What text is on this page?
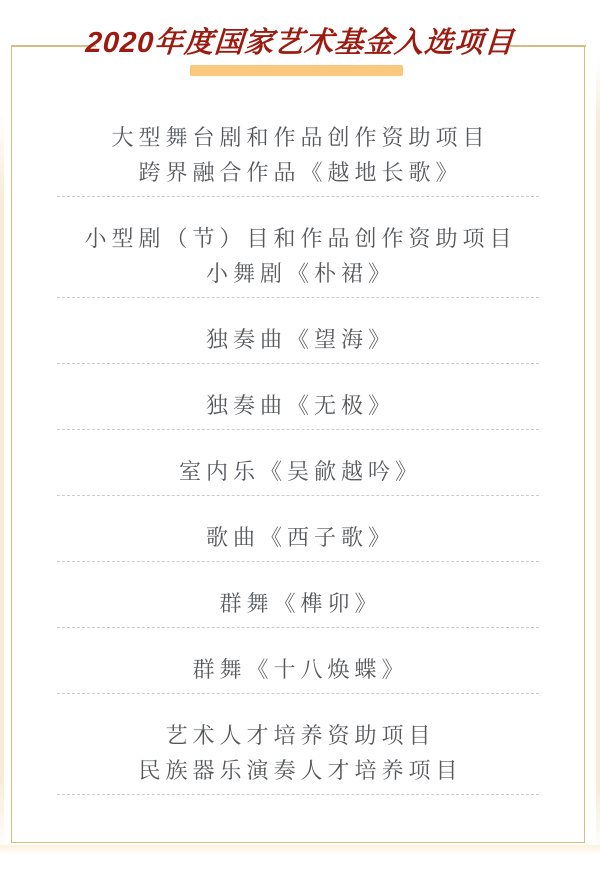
2020年度国家艺术基金入选项目

大型舞台剧和作品创作资助项目

跨界融合作品《越地长歌》

小型剧（节）目和作品创作资助项目

小舞剧《朴裙》

独奏曲《望海》

独奏曲《无极》

室内乐《吴歈越吟》

歌曲《西子歌》

群舞《榫卯》

群舞《十八焕蝶》

艺术人才培养资助项目

民族器乐演奏人才培养项目
